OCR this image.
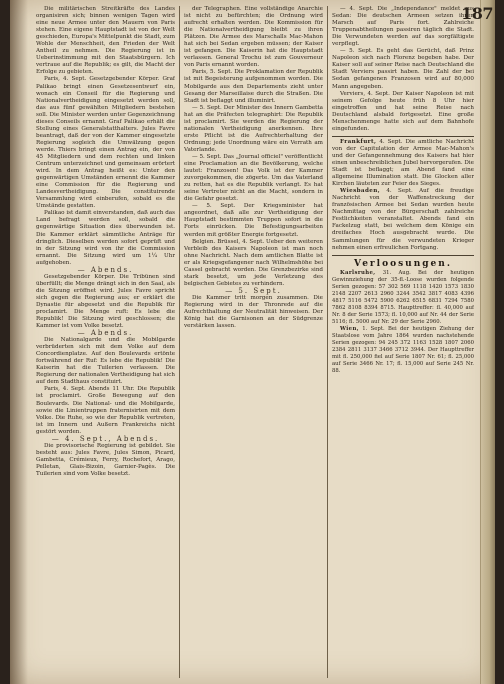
Die militärischen Streitkräfte des Landes organisiren sich; binnen wenigen Tagen wird eine neue Armee unter den Mauern von Paris stehen. Eine eigene Hauptstadt ist von der Welt geschieden, Europa's Mittelpunkt die Stadt, zum Wohle der Menschheit, den Frieden der Welt Antheil zu nehmen. Die Regierung ist in Ueberinstimmung mit den Staatsbürgern. Ich vertraue auf die Republik; es gilt, die Macht der Erfolge zu gebieten.

Paris, 4. Sept. Gesetzgebender Körper. Graf Palikao bringt einen Gesetzesentwurf ein, wonach ein Conseil für die Regierung und Nationalvertheidigung eingesetzt werden soll, das aus fünf gewählten Mitgliedern bestehen soll. Die Minister werden unter Gegenzeichnung dieses Conseils ernannt. Graf Palikao erhält die Stellung eines Generalstatthalters. Jules Favre beantragt, daß der von der Kammer eingesetzte Regierung sogleich die Umwälzung gegen werde. Thiers bringt einen Antrag ein, der von 45 Mitgliedern und dem rechten und linken Centrum unterzeichnet und gemeinsam erörtert wird. In dem Antrag heißt es: Unter den gegenwärtigen Umständen ernennt die Kammer eine Commission für die Regierung und Landesvertheidigung. Die constituirende Versammlung wird einberufen, sobald es die Umstände gestatten.

Palikao ist damit einverstanden, daß auch das Land befragt werden soll, sobald die gegenwärtige Situation dies überwunden ist. Die Kammer erklärt sämmtliche Anträge für dringlich. Dieselben werden sofort geprüft und in der Sitzung wird von ihr die Commission ernannt. Die Sitzung wird um 1¼ Uhr aufgehoben.

— Abends.

Gesetzgebender Körper. Die Tribünen sind überfüllt; die Menge drängt sich in den Saal, als die Sitzung eröffnet wird. Jules Favre spricht sich gegen die Regierung aus; er erklärt die Dynastie für abgesetzt und die Republik für proclamirt. Die Menge ruft: Es lebe die Republik! Die Sitzung wird geschlossen; die Kammer ist vom Volke besetzt.

— Abends.

Die Nationalgarde und die Mobilgarde verbrüderten sich mit dem Volke auf dem Concordienplatze. Auf den Boulevards ertönte fortwährend der Ruf: Es lebe die Republik! Die Kaiserin hat die Tuilerien verlassen. Die Regierung der nationalen Vertheidigung hat sich auf dem Stadthaus constituirt.

Paris, 4. Sept. Abends 11 Uhr. Die Republik ist proclamirt. Große Bewegung auf den Boulevards. Die National- und die Mobilgarde, sowie die Linientruppen fraternisirten mit dem Volke. Die Ruhe, so wie der Republik vertreten, ist im Innern und Außern Frankreichs nicht gestört worden.

— 4. Sept., Abends.

Die provisorische Regierung ist gebildet. Sie besteht aus: Jules Favre, Jules Simon, Picard, Gambetta, Crémieux, Ferry, Rochefort, Arago, Pelletan, Glais-Bizoin, Garnier-Pagès. Die Tuilerien sind vom Volke besetzt.

der Telegraphen. Eine vollständige Anarchie ist nicht zu befürchten; die Ordnung wird aufrecht erhalten werden. Die Kommission für die Nationalvertheidigung bleibt zu ihren Plätzen. Die Armee des Marschalls Mac-Mahon hat sich bei Sedan ergeben müssen; der Kaiser ist gefangen. Die Kaiserin hat die Hauptstadt verlassen. General Trochu ist zum Gouverneur von Paris ernannt worden.

Paris, 5. Sept. Die Proklamation der Republik ist mit Begeisterung aufgenommen worden. Die Mobilgarde aus den Departements zieht unter Gesang der Marseillaise durch die Straßen. Die Stadt ist beflaggt und illuminirt.

— 5. Sept. Der Minister des Innern Gambetta hat an die Präfecten telegraphirt: Die Republik ist proclamirt. Sie werden die Regierung der nationalen Vertheidigung anerkennen. Ihre erste Pflicht ist die Aufrechterhaltung der Ordnung; jede Unordnung wäre ein Verrath am Vaterlande.

— 5. Sept. Das „Journal officiel" veröffentlicht eine Proclamation an die Bevölkerung, welche lautet: Franzosen! Das Volk ist der Kammer zuvorgekommen, die zögerte. Um das Vaterland zu retten, hat es die Republik verlangt. Es hat seine Vertreter nicht an die Macht, sondern in die Gefahr gesetzt.

— 5. Sept. Der Kriegsminister hat angeordnet, daß alle zur Vertheidigung der Hauptstadt bestimmten Truppen sofort in die Forts einrücken. Die Befestigungsarbeiten werden mit größter Energie fortgesetzt.

Belgien. Brüssel, 4. Sept. Ueber den weiteren Verbleib des Kaisers Napoleon ist man noch ohne Nachricht. Nach dem amtlichen Blatte ist er als Kriegsgefangener nach Wilhelmshöhe bei Cassel gebracht worden. Die Grenzbezirke sind stark besetzt, um jede Verletzung des belgischen Gebietes zu verhindern.

— 5. Sept.

Die Kammer tritt morgen zusammen. Die Regierung wird in der Thronrede auf die Aufrechthaltung der Neutralität hinweisen. Der König hat die Garnisonen an der Südgrenze verstärken lassen.

— 4. Sept. Die „Independance" meldet aus Sedan: Die deutschen Armeen setzen ihren Marsch auf Paris fort. Zahlreiche Truppenabtheilungen passiren täglich die Stadt. Die Verwundeten werden auf das sorgfältigste verpflegt.

— 5. Sept. Es geht das Gerücht, daß Prinz Napoleon sich nach Florenz begeben habe. Der Kaiser soll auf seiner Reise nach Deutschland die Stadt Verviers passirt haben. Die Zahl der bei Sedan gefangenen Franzosen wird auf 80,000 Mann angegeben.

Verviers, 4. Sept. Der Kaiser Napoleon ist mit seinem Gefolge heute früh 8 Uhr hier eingetroffen und hat seine Reise nach Deutschland alsbald fortgesetzt. Eine große Menschenmenge hatte sich auf dem Bahnhofe eingefunden.

Frankfurt, 4. Sept. Die amtliche Nachricht von der Capitulation der Armee Mac-Mahon's und der Gefangennehmung des Kaisers hat hier einen unbeschreiblichen Jubel hervorgerufen. Die Stadt ist beflaggt; am Abend fand eine allgemeine Illumination statt. Die Glocken aller Kirchen läuteten zur Feier des Sieges.

Wiesbaden, 4. Sept. Auf die freudige Nachricht von der Waffenstreckung der französischen Armee bei Sedan wurden heute Nachmittag von der Bürgerschaft zahlreiche Festlichkeiten veranstaltet. Abends fand ein Fackelzug statt, bei welchem dem Könige ein dreifaches Hoch ausgebracht wurde. Die Sammlungen für die verwundeten Krieger nehmen einen erfreulichen Fortgang.

Verloosungen.

Karlsruhe, 31. Aug. Bei der heutigen Gewinnziehung der 35-fl.-Loose wurden folgende Serien gezogen: 57 302 569 1118 1420 1573 1830 2148 2207 2613 2960 3244 3542 3817 4083 4396 4817 5116 5472 5900 6262 6515 6831 7294 7580 7862 8108 8394 8715. Haupttreffer: fl. 40,000 auf Nr. 8 der Serie 1573; fl. 10,000 auf Nr. 44 der Serie 5116; fl. 5000 auf Nr. 29 der Serie 2960.

Wien, 1. Sept. Bei der heutigen Ziehung der Staatslose vom Jahre 1864 wurden nachstehende Serien gezogen: 94 245 372 1163 1528 1807 2060 2384 2811 3137 3466 3712 3944. Der Haupttreffer mit fl. 250,000 fiel auf Serie 1807 Nr. 61; fl. 25,000 auf Serie 3466 Nr. 17; fl. 15,000 auf Serie 245 Nr. 88.

187
